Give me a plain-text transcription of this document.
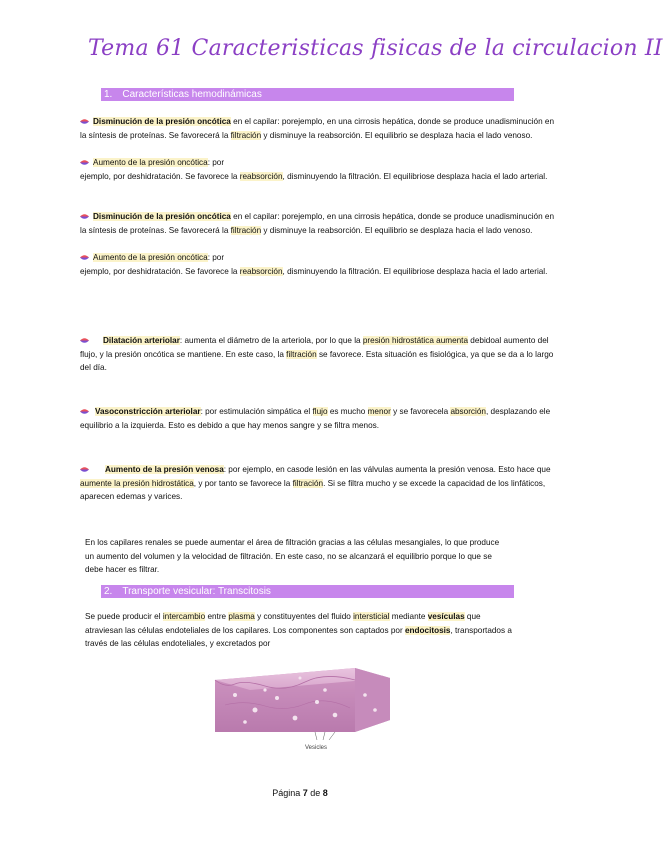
Tema 61 Caracteristicas fisicas de la circulacion II
1. Características hemodinámicas
Disminución de la presión oncótica en el capilar: porejemplo, en una cirrosis hepática, donde se produce unadisminución en la síntesis de proteínas. Se favorecerá la filtración y disminuye la reabsorción. El equilibrio se desplaza hacia el lado venoso.
Aumento de la presión oncótica: por
ejemplo, por deshidratación. Se favorece la reabsorción, disminuyendo la filtración. El equilibriose desplaza hacia el lado arterial.
Disminución de la presión oncótica en el capilar: porejemplo, en una cirrosis hepática, donde se produce unadisminución en la síntesis de proteínas. Se favorecerá la filtración y disminuye la reabsorción. El equilibrio se desplaza hacia el lado venoso.
Aumento de la presión oncótica: por
ejemplo, por deshidratación. Se favorece la reabsorción, disminuyendo la filtración. El equilibriose desplaza hacia el lado arterial.
Dilatación arteriolar: aumenta el diámetro de la arteriola, por lo que la presión hidrostática aumenta debidoal aumento del flujo, y la presión oncótica se mantiene. En este caso, la filtración se favorece. Esta situación es fisiológica, ya que se da a lo largo del día.
Vasoconstricción arteriolar: por estimulación simpática el flujo es mucho menor y se favorecela absorción, desplazando ele equilibrio a la izquierda. Esto es debido a que hay menos sangre y se filtra menos.
Aumento de la presión venosa: por ejemplo, en casode lesión en las válvulas aumenta la presión venosa. Esto hace que aumente la presión hidrostática, y por tanto se favorece la filtración. Si se filtra mucho y se excede la capacidad de los linfáticos, aparecen edemas y varices.
En los capilares renales se puede aumentar el área de filtración gracias a las células mesangiales, lo que produce un aumento del volumen y la velocidad de filtración. En este caso, no se alcanzará el equilibrio porque lo que se debe hacer es filtrar.
2. Transporte vesicular: Transcitosis
Se puede producir el intercambio entre plasma y constituyentes del fluido intersticial mediante vesículas que atraviesan las células endoteliales de los capilares. Los componentes son captados por endocitosis, transportados a través de las células endoteliales, y excretados por
Vesicles
Página 7 de 8
